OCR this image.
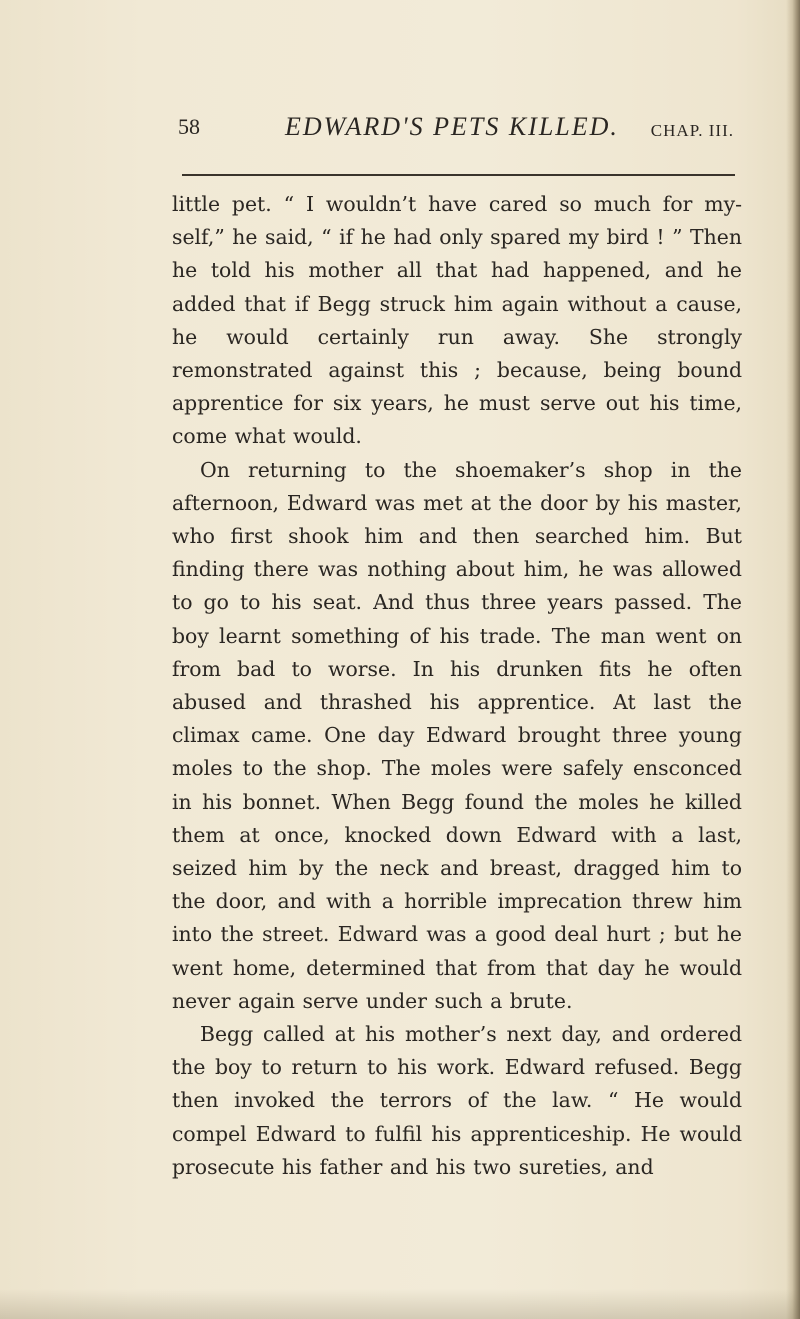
58	EDWARD'S PETS KILLED. CHAP. III.

little pet. “ I wouldn’t have cared so much for my-self,” he said, “ if he had only spared my bird ! ” Then he told his mother all that had happened, and he added that if Begg struck him again without a cause, he would certainly run away. She strongly remonstrated against this ; because, being bound apprentice for six years, he must serve out his time, come what would.

On returning to the shoemaker’s shop in the afternoon, Edward was met at the door by his master, who first shook him and then searched him. But finding there was nothing about him, he was allowed to go to his seat. And thus three years passed. The boy learnt something of his trade. The man went on from bad to worse. In his drunken fits he often abused and thrashed his apprentice. At last the climax came. One day Edward brought three young moles to the shop. The moles were safely ensconced in his bonnet. When Begg found the moles he killed them at once, knocked down Edward with a last, seized him by the neck and breast, dragged him to the door, and with a horrible imprecation threw him into the street. Edward was a good deal hurt ; but he went home, determined that from that day he would never again serve under such a brute.

Begg called at his mother’s next day, and ordered the boy to return to his work. Edward refused. Begg then invoked the terrors of the law. “ He would compel Edward to fulfil his apprenticeship. He would prosecute his father and his two sureties, and
